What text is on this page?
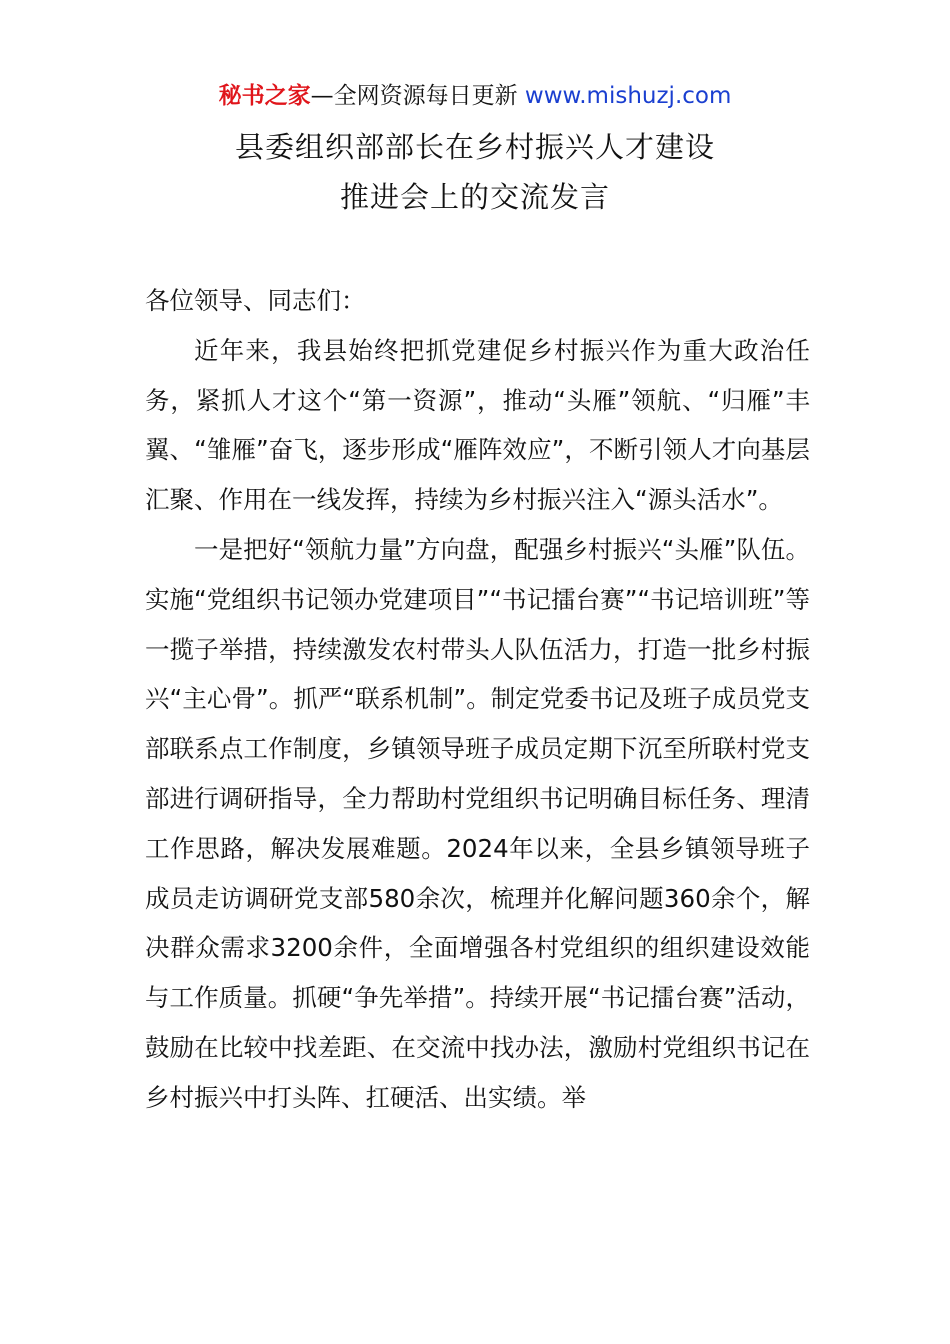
秘书之家—全网资源每日更新 www.mishuzj.com
县委组织部部长在乡村振兴人才建设
推进会上的交流发言

各位领导、同志们：

近年来，我县始终把抓党建促乡村振兴作为重大政治任务，紧抓人才这个“第一资源”，推动“头雁”领航、“归雁”丰翼、“雏雁”奋飞，逐步形成“雁阵效应”，不断引领人才向基层汇聚、作用在一线发挥，持续为乡村振兴注入“源头活水”。

一是把好“领航力量”方向盘，配强乡村振兴“头雁”队伍。实施“党组织书记领办党建项目”“书记擂台赛”“书记培训班”等一揽子举措，持续激发农村带头人队伍活力，打造一批乡村振兴“主心骨”。抓严“联系机制”。制定党委书记及班子成员党支部联系点工作制度，乡镇领导班子成员定期下沉至所联村党支部进行调研指导，全力帮助村党组织书记明确目标任务、理清工作思路，解决发展难题。2024年以来，全县乡镇领导班子成员走访调研党支部580余次，梳理并化解问题360余个，解决群众需求3200余件，全面增强各村党组织的组织建设效能与工作质量。抓硬“争先举措”。持续开展“书记擂台赛”活动，鼓励在比较中找差距、在交流中找办法，激励村党组织书记在乡村振兴中打头阵、扛硬活、出实绩。举
